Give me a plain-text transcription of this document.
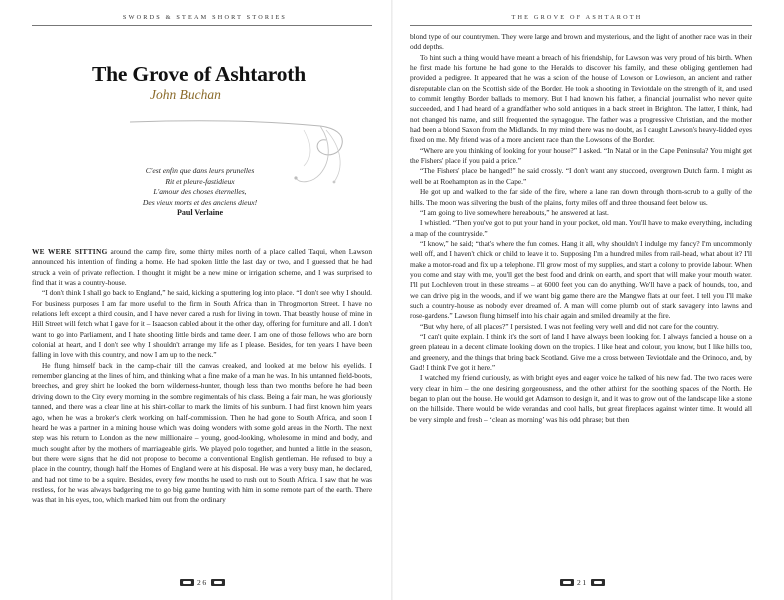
SWORDS & STEAM SHORT STORIES
The Grove of Ashtaroth
John Buchan
C'est enfin que dans leurs prunelles
Rit et pleure-fastidieux
L'amour des choses éternelles,
Des vieux morts et des anciens dieux!
Paul Verlaine

WE WERE SITTING around the camp fire, some thirty miles north of a place called Taqui, when Lawson announced his intention of finding a home. He had spoken little the last day or two, and I guessed that he had struck a vein of private reflection. I thought it might be a new mine or irrigation scheme, and I was surprised to find that it was a country-house.

“I don't think I shall go back to England,” he said, kicking a sputtering log into place. “I don't see why I should. For business purposes I am far more useful to the firm in South Africa than in Throgmorton Street. I have no relations left except a third cousin, and I have never cared a rush for living in town. That beastly house of mine in Hill Street will fetch what I gave for it – Isaacson cabled about it the other day, offering for furniture and all. I don't want to go into Parliament, and I hate shooting little birds and tame deer. I am one of those fellows who are born colonial at heart, and I don't see why I shouldn't arrange my life as I please. Besides, for ten years I have been falling in love with this country, and now I am up to the neck.”

He flung himself back in the camp-chair till the canvas creaked, and looked at me below his eyelids. I remember glancing at the lines of him, and thinking what a fine make of a man he was. In his untanned field-boots, breeches, and grey shirt he looked the born wilderness-hunter, though less than two months before he had been driving down to the City every morning in the sombre regimentals of his class. Being a fair man, he was gloriously tanned, and there was a clear line at his shirt-collar to mark the limits of his sunburn. I had first known him years ago, when he was a broker's clerk working on half-commission. Then he had gone to South Africa, and soon I heard he was a partner in a mining house which was doing wonders with some gold areas in the North. The next step was his return to London as the new millionaire – young, good-looking, wholesome in mind and body, and much sought after by the mothers of marriageable girls. We played polo together, and hunted a little in the season, but there were signs that he did not propose to become a conventional English gentleman. He refused to buy a place in the country, though half the Homes of England were at his disposal. He was a very busy man, he declared, and had not time to be a squire. Besides, every few months he used to rush out to South Africa. I saw that he was restless, for he was always badgering me to go big game hunting with him in some remote part of the earth. There was that in his eyes, too, which marked him out from the ordinary

26
THE GROVE OF ASHTAROTH

blond type of our countrymen. They were large and brown and mysterious, and the light of another race was in their odd depths.

To hint such a thing would have meant a breach of his friendship, for Lawson was very proud of his birth. When he first made his fortune he had gone to the Heralds to discover his family, and these obliging gentlemen had provided a pedigree. It appeared that he was a scion of the house of Lowson or Lowieson, an ancient and rather disreputable clan on the Scottish side of the Border. He took a shooting in Teviotdale on the strength of it, and used to commit lengthy Border ballads to memory. But I had known his father, a financial journalist who never quite succeeded, and I had heard of a grandfather who sold antiques in a back street in Brighton. The latter, I think, had not changed his name, and still frequented the synagogue. The father was a progressive Christian, and the mother had been a blond Saxon from the Midlands. In my mind there was no doubt, as I caught Lawson's heavy-lidded eyes fixed on me. My friend was of a more ancient race than the Lowsons of the Border.

“Where are you thinking of looking for your house?” I asked. “In Natal or in the Cape Peninsula? You might get the Fishers' place if you paid a price.”

“The Fishers' place be hanged!” he said crossly. “I don't want any stuccoed, overgrown Dutch farm. I might as well be at Roehampton as in the Cape.”

He got up and walked to the far side of the fire, where a lane ran down through thorn-scrub to a gully of the hills. The moon was silvering the bush of the plains, forty miles off and three thousand feet below us.

“I am going to live somewhere hereabouts,” he answered at last.

I whistled. “Then you've got to put your hand in your pocket, old man. You'll have to make everything, including a map of the countryside.”

“I know,” he said; “that's where the fun comes. Hang it all, why shouldn't I indulge my fancy? I'm uncommonly well off, and I haven't chick or child to leave it to. Supposing I'm a hundred miles from rail-head, what about it? I'll make a motor-road and fix up a telephone. I'll grow most of my supplies, and start a colony to provide labour. When you come and stay with me, you'll get the best food and drink on earth, and sport that will make your mouth water. I'll put Lochleven trout in these streams – at 6000 feet you can do anything. We'll have a pack of hounds, too, and we can drive pig in the woods, and if we want big game there are the Mangwe flats at our feet. I tell you I'll make such a country-house as nobody ever dreamed of. A man will come plumb out of stark savagery into lawns and rose-gardens.” Lawson flung himself into his chair again and smiled dreamily at the fire.

“But why here, of all places?” I persisted. I was not feeling very well and did not care for the country.

“I can't quite explain. I think it's the sort of land I have always been looking for. I always fancied a house on a green plateau in a decent climate looking down on the tropics. I like heat and colour, you know, but I like hills too, and greenery, and the things that bring back Scotland. Give me a cross between Teviotdale and the Orinoco, and, by Gad! I think I've got it here.”

I watched my friend curiously, as with bright eyes and eager voice he talked of his new fad. The two races were very clear in him – the one desiring gorgeousness, and the other athirst for the soothing spaces of the North. He began to plan out the house. He would get Adamson to design it, and it was to grow out of the landscape like a stone on the hillside. There would be wide verandas and cool halls, but great fireplaces against winter time. It would all be very simple and fresh – ‘clean as morning’ was his odd phrase; but then

21
